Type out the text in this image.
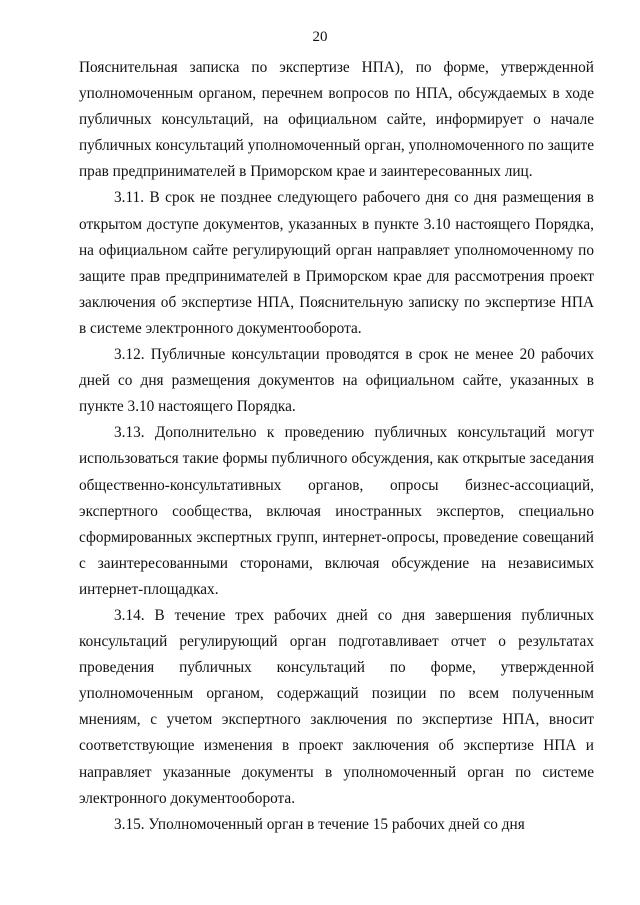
20

Пояснительная записка по экспертизе НПА), по форме, утвержденной уполномоченным органом, перечнем вопросов по НПА, обсуждаемых в ходе публичных консультаций, на официальном сайте, информирует о начале публичных консультаций уполномоченный орган, уполномоченного по защите прав предпринимателей в Приморском крае и заинтересованных лиц.

3.11. В срок не позднее следующего рабочего дня со дня размещения в открытом доступе документов, указанных в пункте 3.10 настоящего Порядка, на официальном сайте регулирующий орган направляет уполномоченному по защите прав предпринимателей в Приморском крае для рассмотрения проект заключения об экспертизе НПА, Пояснительную записку по экспертизе НПА в системе электронного документооборота.

3.12. Публичные консультации проводятся в срок не менее 20 рабочих дней со дня размещения документов на официальном сайте, указанных в пункте 3.10 настоящего Порядка.

3.13. Дополнительно к проведению публичных консультаций могут использоваться такие формы публичного обсуждения, как открытые заседания общественно-консультативных органов, опросы бизнес-ассоциаций, экспертного сообщества, включая иностранных экспертов, специально сформированных экспертных групп, интернет-опросы, проведение совещаний с заинтересованными сторонами, включая обсуждение на независимых интернет-площадках.

3.14. В течение трех рабочих дней со дня завершения публичных консультаций регулирующий орган подготавливает отчет о результатах проведения публичных консультаций по форме, утвержденной уполномоченным органом, содержащий позиции по всем полученным мнениям, с учетом экспертного заключения по экспертизе НПА, вносит соответствующие изменения в проект заключения об экспертизе НПА и направляет указанные документы в уполномоченный орган по системе электронного документооборота.

3.15. Уполномоченный орган в течение 15 рабочих дней со дня
